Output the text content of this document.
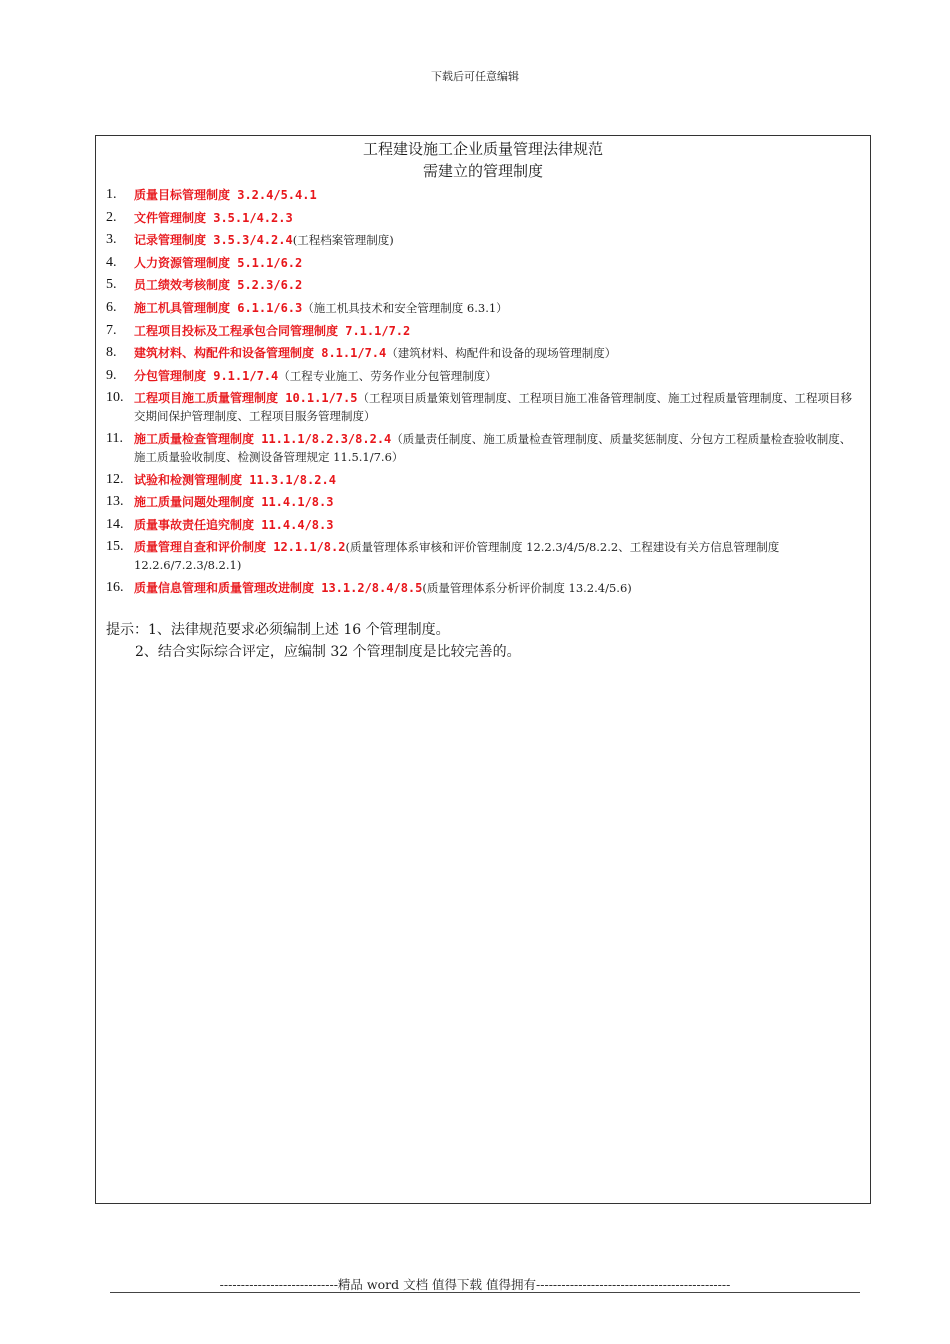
下载后可任意编辑
工程建设施工企业质量管理法律规范
需建立的管理制度
1.	质量目标管理制度 3.2.4/5.4.1
2.	文件管理制度 3.5.1/4.2.3
3.	记录管理制度 3.5.3/4.2.4(工程档案管理制度)
4.	人力资源管理制度 5.1.1/6.2
5.	员工绩效考核制度 5.2.3/6.2
6.	施工机具管理制度 6.1.1/6.3（施工机具技术和安全管理制度 6.3.1）
7.	工程项目投标及工程承包合同管理制度 7.1.1/7.2
8.	建筑材料、构配件和设备管理制度 8.1.1/7.4（建筑材料、构配件和设备的现场管理制度）
9.	分包管理制度 9.1.1/7.4（工程专业施工、劳务作业分包管理制度）
10. 工程项目施工质量管理制度 10.1.1/7.5（工程项目质量策划管理制度、工程项目施工准备管理制度、施工过程质量管理制度、工程项目移交期间保护管理制度、工程项目服务管理制度）
11. 施工质量检查管理制度 11.1.1/8.2.3/8.2.4（质量责任制度、施工质量检查管理制度、质量奖惩制度、分包方工程质量检查验收制度、施工质量验收制度、检测设备管理规定 11.5.1/7.6）
12. 试验和检测管理制度 11.3.1/8.2.4
13. 施工质量问题处理制度 11.4.1/8.3
14. 质量事故责任追究制度 11.4.4/8.3
15. 质量管理自查和评价制度 12.1.1/8.2(质量管理体系审核和评价管理制度 12.2.3/4/5/8.2.2、工程建设有关方信息管理制度 12.2.6/7.2.3/8.2.1)
16. 质量信息管理和质量管理改进制度 13.1.2/8.4/8.5(质量管理体系分析评价制度 13.2.4/5.6)
提示：1、法律规范要求必须编制上述 16 个管理制度。
2、结合实际综合评定，应编制 32 个管理制度是比较完善的。
----------------------------精品 word 文档 值得下载 值得拥有----------------------------------------------
